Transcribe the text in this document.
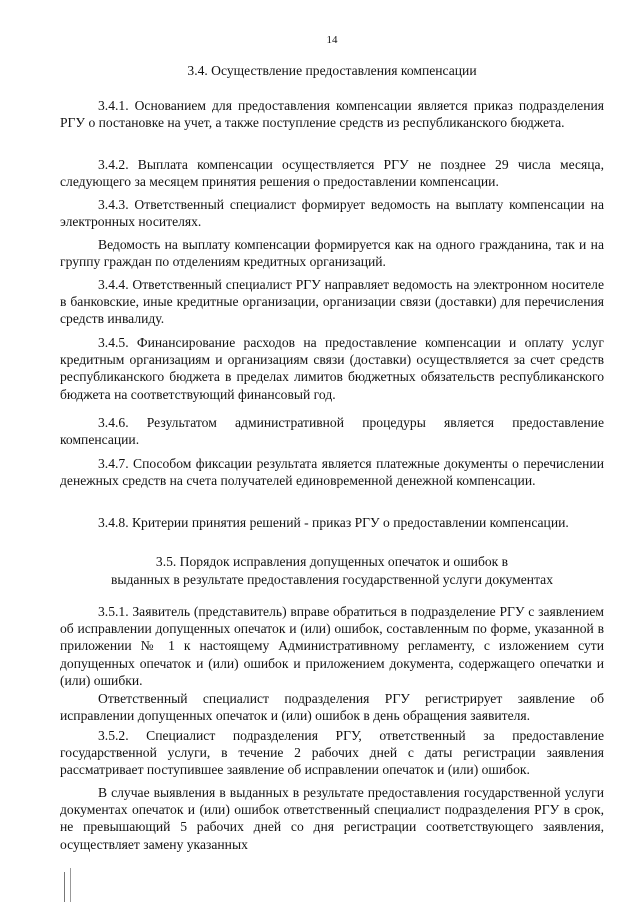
14
3.4. Осуществление предоставления компенсации

3.4.1. Основанием для предоставления компенсации является приказ подразделения РГУ о постановке на учет, а также поступление средств из республиканского бюджета.

3.4.2. Выплата компенсации осуществляется РГУ не позднее 29 числа месяца, следующего за месяцем принятия решения о предоставлении компенсации.

3.4.3. Ответственный специалист формирует ведомость на выплату компенсации на электронных носителях.

Ведомость на выплату компенсации формируется как на одного гражданина, так и на группу граждан по отделениям кредитных организаций.

3.4.4. Ответственный специалист РГУ направляет ведомость на электронном носителе в банковские, иные кредитные организации, организации связи (доставки) для перечисления средств инвалиду.

3.4.5. Финансирование расходов на предоставление компенсации и оплату услуг кредитным организациям и организациям связи (доставки) осуществляется за счет средств республиканского бюджета в пределах лимитов бюджетных обязательств республиканского бюджета на соответствующий финансовый год.

3.4.6. Результатом административной процедуры является предоставление компенсации.

3.4.7. Способом фиксации результата является платежные документы о перечислении денежных средств на счета получателей единовременной денежной компенсации.

3.4.8. Критерии принятия решений - приказ РГУ о предоставлении компенсации.

3.5. Порядок исправления допущенных опечаток и ошибок в
выданных в результате предоставления государственной услуги документах

3.5.1. Заявитель (представитель) вправе обратиться в подразделение РГУ с заявлением об исправлении допущенных опечаток и (или) ошибок, составленным по форме, указанной в приложении № 1 к настоящему Административному регламенту, с изложением сути допущенных опечаток и (или) ошибок и приложением документа, содержащего опечатки и (или) ошибки.

Ответственный специалист подразделения РГУ регистрирует заявление об исправлении допущенных опечаток и (или) ошибок в день обращения заявителя.

3.5.2. Специалист подразделения РГУ, ответственный за предоставление государственной услуги, в течение 2 рабочих дней с даты регистрации заявления рассматривает поступившее заявление об исправлении опечаток и (или) ошибок.

В случае выявления в выданных в результате предоставления государственной услуги документах опечаток и (или) ошибок ответственный специалист подразделения РГУ в срок, не превышающий 5 рабочих дней со дня регистрации соответствующего заявления, осуществляет замену указанных
